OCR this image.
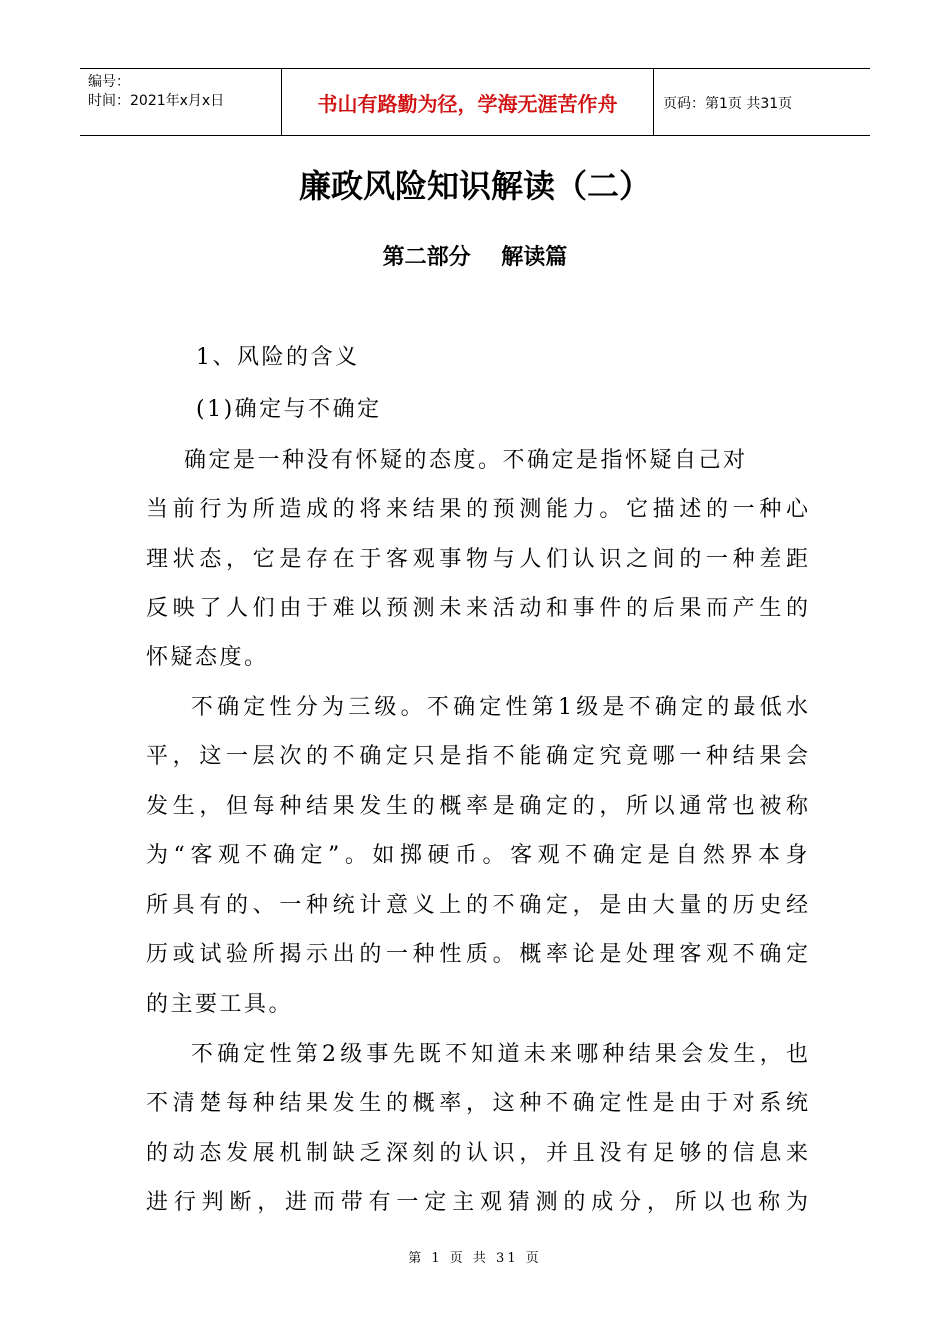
编号：
时间：2021年x月x日	书山有路勤为径，学海无涯苦作舟	页码：第1页 共31页
廉政风险知识解读（二）
第二部分    解读篇
1、风险的含义
(1)确定与不确定
确定是一种没有怀疑的态度。不确定是指怀疑自己对
当前行为所造成的将来结果的预测能力。它描述的一种心
理状态，它是存在于客观事物与人们认识之间的一种差距
反映了人们由于难以预测未来活动和事件的后果而产生的
怀疑态度。
不确定性分为三级。不确定性第1级是不确定的最低水
平，这一层次的不确定只是指不能确定究竟哪一种结果会
发生，但每种结果发生的概率是确定的，所以通常也被称
为“客观不确定”。如掷硬币。客观不确定是自然界本身
所具有的、一种统计意义上的不确定，是由大量的历史经
历或试验所揭示出的一种性质。概率论是处理客观不确定
的主要工具。
不确定性第2级事先既不知道未来哪种结果会发生，也
不清楚每种结果发生的概率，这种不确定性是由于对系统
的动态发展机制缺乏深刻的认识，并且没有足够的信息来
进行判断，进而带有一定主观猜测的成分，所以也称为
第 1 页 共 31 页
